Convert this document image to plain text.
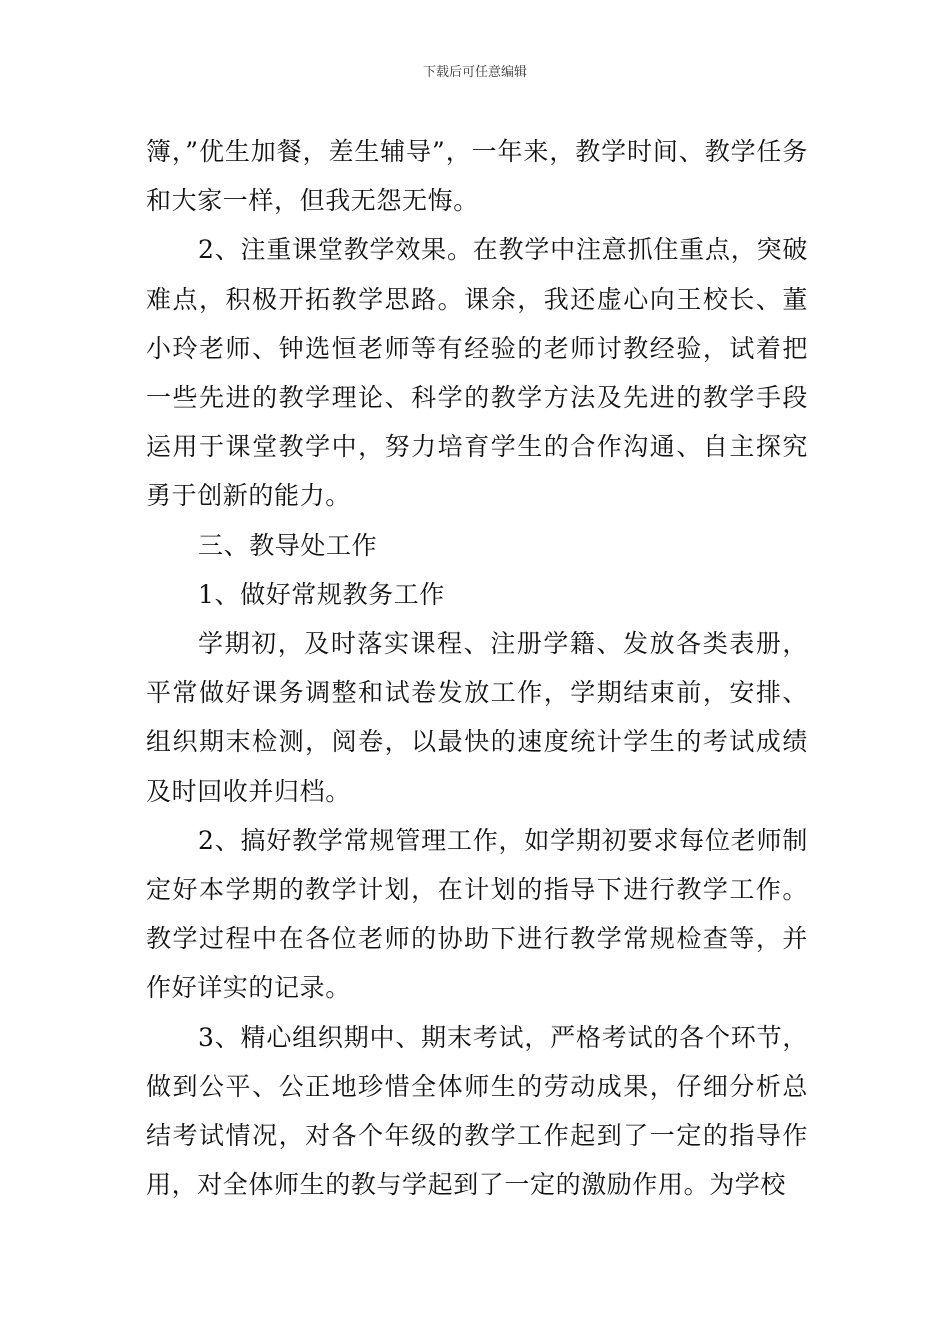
下载后可任意编辑

簿，”优生加餐，差生辅导”，一年来，教学时间、教学任务和大家一样，但我无怨无悔。

2、注重课堂教学效果。在教学中注意抓住重点，突破难点，积极开拓教学思路。课余，我还虚心向王校长、董小玲老师、钟选恒老师等有经验的老师讨教经验，试着把一些先进的教学理论、科学的教学方法及先进的教学手段运用于课堂教学中，努力培育学生的合作沟通、自主探究勇于创新的能力。

三、教导处工作

1、做好常规教务工作

学期初，及时落实课程、注册学籍、发放各类表册，平常做好课务调整和试卷发放工作，学期结束前，安排、组织期末检测，阅卷，以最快的速度统计学生的考试成绩及时回收并归档。

2、搞好教学常规管理工作，如学期初要求每位老师制定好本学期的教学计划，在计划的指导下进行教学工作。教学过程中在各位老师的协助下进行教学常规检查等，并作好详实的记录。

3、精心组织期中、期末考试，严格考试的各个环节，做到公平、公正地珍惜全体师生的劳动成果，仔细分析总结考试情况，对各个年级的教学工作起到了一定的指导作用，对全体师生的教与学起到了一定的激励作用。为学校
